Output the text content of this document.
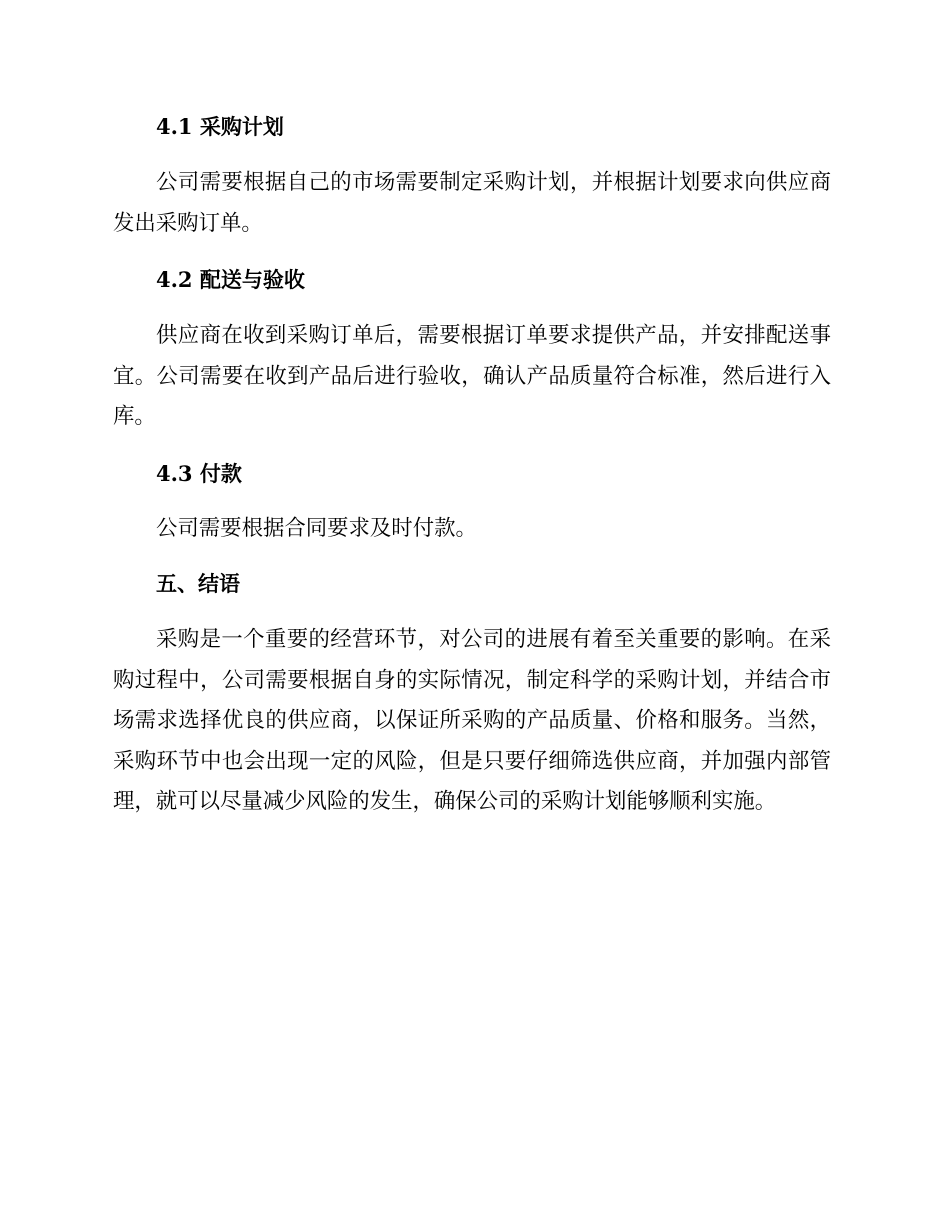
4.1 采购计划

公司需要根据自己的市场需要制定采购计划，并根据计划要求向供应商发出采购订单。

4.2 配送与验收

供应商在收到采购订单后，需要根据订单要求提供产品，并安排配送事宜。公司需要在收到产品后进行验收，确认产品质量符合标准，然后进行入库。

4.3 付款

公司需要根据合同要求及时付款。

五、结语

采购是一个重要的经营环节，对公司的进展有着至关重要的影响。在采购过程中，公司需要根据自身的实际情况，制定科学的采购计划，并结合市场需求选择优良的供应商，以保证所采购的产品质量、价格和服务。当然，采购环节中也会出现一定的风险，但是只要仔细筛选供应商，并加强内部管理，就可以尽量减少风险的发生，确保公司的采购计划能够顺利实施。
